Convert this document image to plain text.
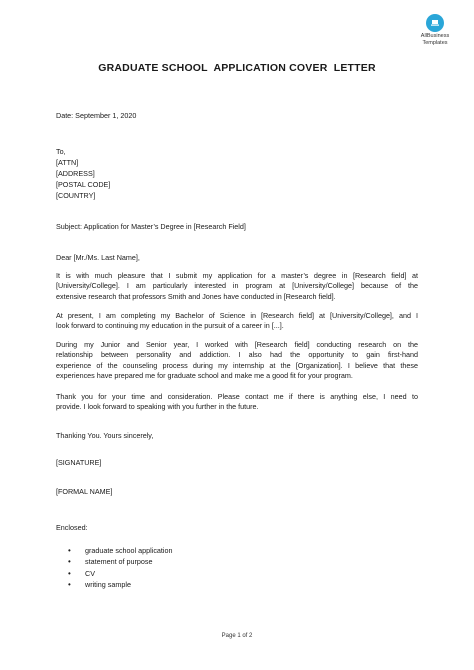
AllBusiness
Templates
GRADUATE SCHOOL  APPLICATION COVER  LETTER
Date: September 1, 2020
To,
[ATTN]
[ADDRESS]
[POSTAL CODE]
[COUNTRY]
Subject: Application for Master’s Degree in [Research Field]
Dear [Mr./Ms. Last Name],
It is with much pleasure that I submit my application for a master’s degree in [Research field] at
[University/College]. I am particularly interested in program at [University/College] because of the
extensive research that professors Smith and Jones have conducted in [Research field].
At present, I am completing my Bachelor of Science in [Research field] at [University/College], and I
look forward to continuing my education in the pursuit of a career in [...].
During my Junior and Senior year, I worked with [Research field] conducting research on the
relationship between personality and addiction. I also had the opportunity to gain first-hand
experience of the counseling process during my internship at the [Organization]. I believe that these
experiences have prepared me for graduate school and make me a good fit for your program.
Thank you for your time and consideration. Please contact me if there is anything else, I need to
provide. I look forward to speaking with you further in the future.
Thanking You. Yours sincerely,
[SIGNATURE]
[FORMAL NAME]
Enclosed:
• graduate school application
• statement of purpose
• CV
• writing sample
Page 1 of 2
